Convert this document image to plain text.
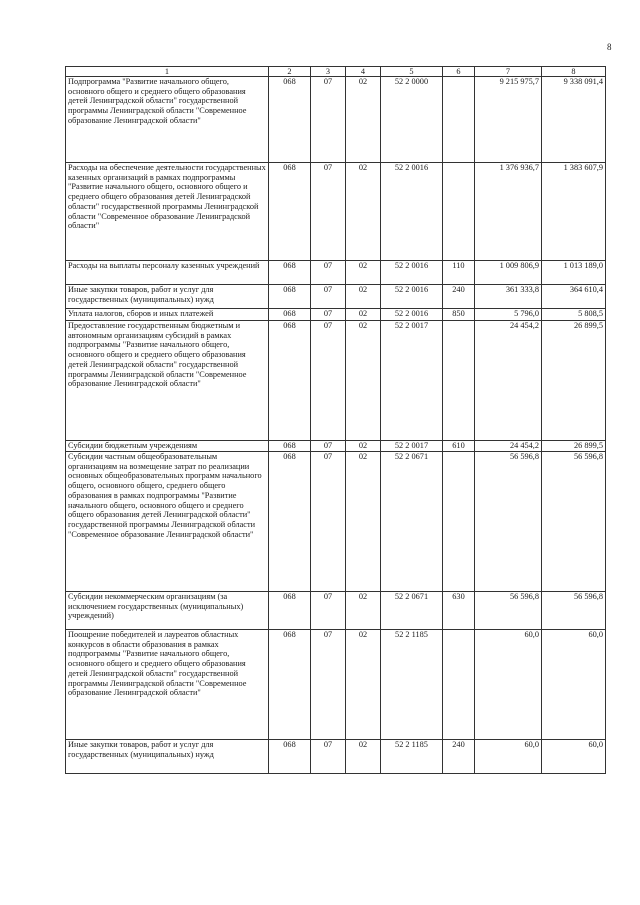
8
1	2	3	4	5	6	7	8
Подпрограмма "Развитие начального общего, основного общего и среднего общего образования детей Ленинградской области" государственной программы Ленинградской области "Современное образование Ленинградской области"	068	07	02	52 2 0000		9 215 975,7	9 338 091,4
Расходы на обеспечение деятельности государственных казенных организаций в рамках подпрограммы "Развитие начального общего, основного общего и среднего общего образования детей Ленинградской области" государственной программы Ленинградской области "Современное образование Ленинградской области"	068	07	02	52 2 0016		1 376 936,7	1 383 607,9
Расходы на выплаты персоналу казенных учреждений	068	07	02	52 2 0016	110	1 009 806,9	1 013 189,0
Иные закупки товаров, работ и услуг для государственных (муниципальных) нужд	068	07	02	52 2 0016	240	361 333,8	364 610,4
Уплата налогов, сборов и иных платежей	068	07	02	52 2 0016	850	5 796,0	5 808,5
Предоставление государственным бюджетным и автономным организациям субсидий в рамках подпрограммы "Развитие начального общего, основного общего и среднего общего образования детей Ленинградской области" государственной программы Ленинградской области "Современное образование Ленинградской области"	068	07	02	52 2 0017		24 454,2	26 899,5
Субсидии бюджетным учреждениям	068	07	02	52 2 0017	610	24 454,2	26 899,5
Субсидии частным общеобразовательным организациям на возмещение затрат по реализации основных общеобразовательных программ начального общего, основного общего, среднего общего образования в рамках подпрограммы "Развитие начального общего, основного общего и среднего общего образования детей Ленинградской области" государственной программы Ленинградской области "Современное образование Ленинградской области"	068	07	02	52 2 0671		56 596,8	56 596,8
Субсидии некоммерческим организациям (за исключением государственных (муниципальных) учреждений)	068	07	02	52 2 0671	630	56 596,8	56 596,8
Поощрение победителей и лауреатов областных конкурсов в области образования в рамках подпрограммы "Развитие начального общего, основного общего и среднего общего образования детей Ленинградской области" государственной программы Ленинградской области "Современное образование Ленинградской области"	068	07	02	52 2 1185		60,0	60,0
Иные закупки товаров, работ и услуг для государственных (муниципальных) нужд	068	07	02	52 2 1185	240	60,0	60,0
